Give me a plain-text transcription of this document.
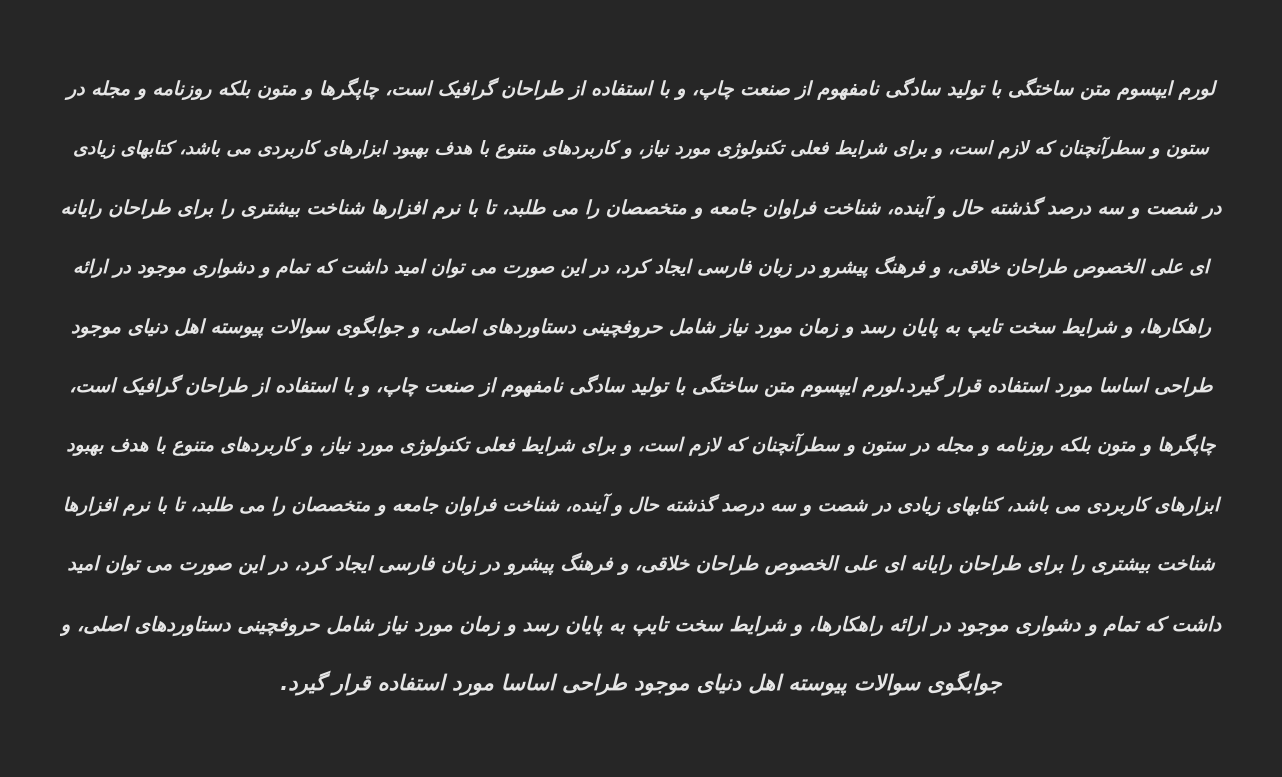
لورم ایپسوم متن ساختگی با تولید سادگی نامفهوم از صنعت چاپ، و با استفاده از طراحان گرافیک است، چاپگرها و متون بلکه روزنامه و مجله در
ستون و سطرآنچنان که لازم است، و برای شرایط فعلی تکنولوژی مورد نیاز، و کاربردهای متنوع با هدف بهبود ابزارهای کاربردی می باشد، کتابهای زیادی
در شصت و سه درصد گذشته حال و آینده، شناخت فراوان جامعه و متخصصان را می طلبد، تا با نرم افزارها شناخت بیشتری را برای طراحان رایانه
ای علی الخصوص طراحان خلاقی، و فرهنگ پیشرو در زبان فارسی ایجاد کرد، در این صورت می توان امید داشت که تمام و دشواری موجود در ارائه
راهکارها، و شرایط سخت تایپ به پایان رسد و زمان مورد نیاز شامل حروفچینی دستاوردهای اصلی، و جوابگوی سوالات پیوسته اهل دنیای موجود
طراحی اساسا مورد استفاده قرار گیرد.لورم ایپسوم متن ساختگی با تولید سادگی نامفهوم از صنعت چاپ، و با استفاده از طراحان گرافیک است،
چاپگرها و متون بلکه روزنامه و مجله در ستون و سطرآنچنان که لازم است، و برای شرایط فعلی تکنولوژی مورد نیاز، و کاربردهای متنوع با هدف بهبود
ابزارهای کاربردی می باشد، کتابهای زیادی در شصت و سه درصد گذشته حال و آینده، شناخت فراوان جامعه و متخصصان را می طلبد، تا با نرم افزارها
شناخت بیشتری را برای طراحان رایانه ای علی الخصوص طراحان خلاقی، و فرهنگ پیشرو در زبان فارسی ایجاد کرد، در این صورت می توان امید
داشت که تمام و دشواری موجود در ارائه راهکارها، و شرایط سخت تایپ به پایان رسد و زمان مورد نیاز شامل حروفچینی دستاوردهای اصلی، و
جوابگوی سوالات پیوسته اهل دنیای موجود طراحی اساسا مورد استفاده قرار گیرد.
